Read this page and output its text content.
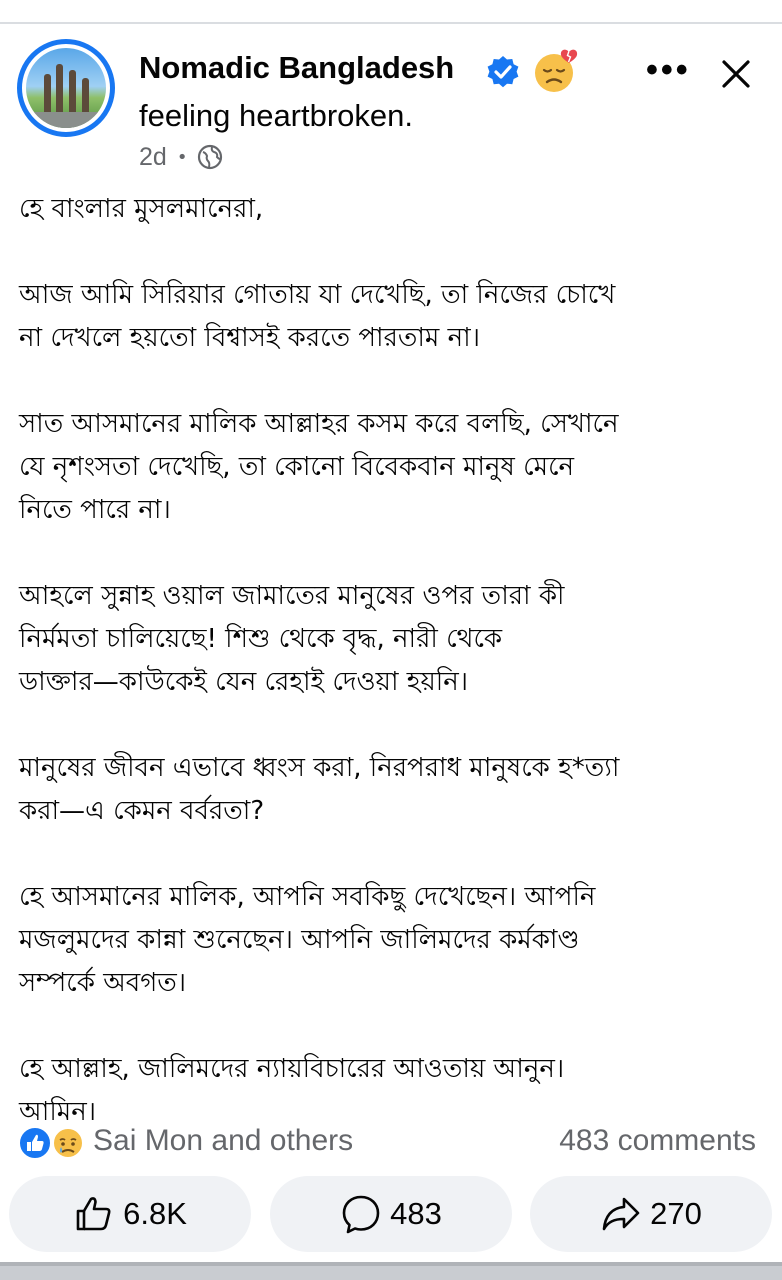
Nomadic Bangladesh	•••
feeling heartbroken.
2d •

হে বাংলার মুসলমানেরা,

আজ আমি সিরিয়ার গোতায় যা দেখেছি, তা নিজের চোখে
না দেখলে হয়তো বিশ্বাসই করতে পারতাম না।

সাত আসমানের মালিক আল্লাহর কসম করে বলছি, সেখানে
যে নৃশংসতা দেখেছি, তা কোনো বিবেকবান মানুষ মেনে
নিতে পারে না।

আহলে সুন্নাহ ওয়াল জামাতের মানুষের ওপর তারা কী
নির্মমতা চালিয়েছে! শিশু থেকে বৃদ্ধ, নারী থেকে
ডাক্তার—কাউকেই যেন রেহাই দেওয়া হয়নি।

মানুষের জীবন এভাবে ধ্বংস করা, নিরপরাধ মানুষকে হ*ত্যা
করা—এ কেমন বর্বরতা?

হে আসমানের মালিক, আপনি সবকিছু দেখেছেন। আপনি
মজলুমদের কান্না শুনেছেন। আপনি জালিমদের কর্মকাণ্ড
সম্পর্কে অবগত।

হে আল্লাহ, জালিমদের ন্যায়বিচারের আওতায় আনুন।
আমিন।

Sai Mon and others	483 comments
6.8K	483	270
